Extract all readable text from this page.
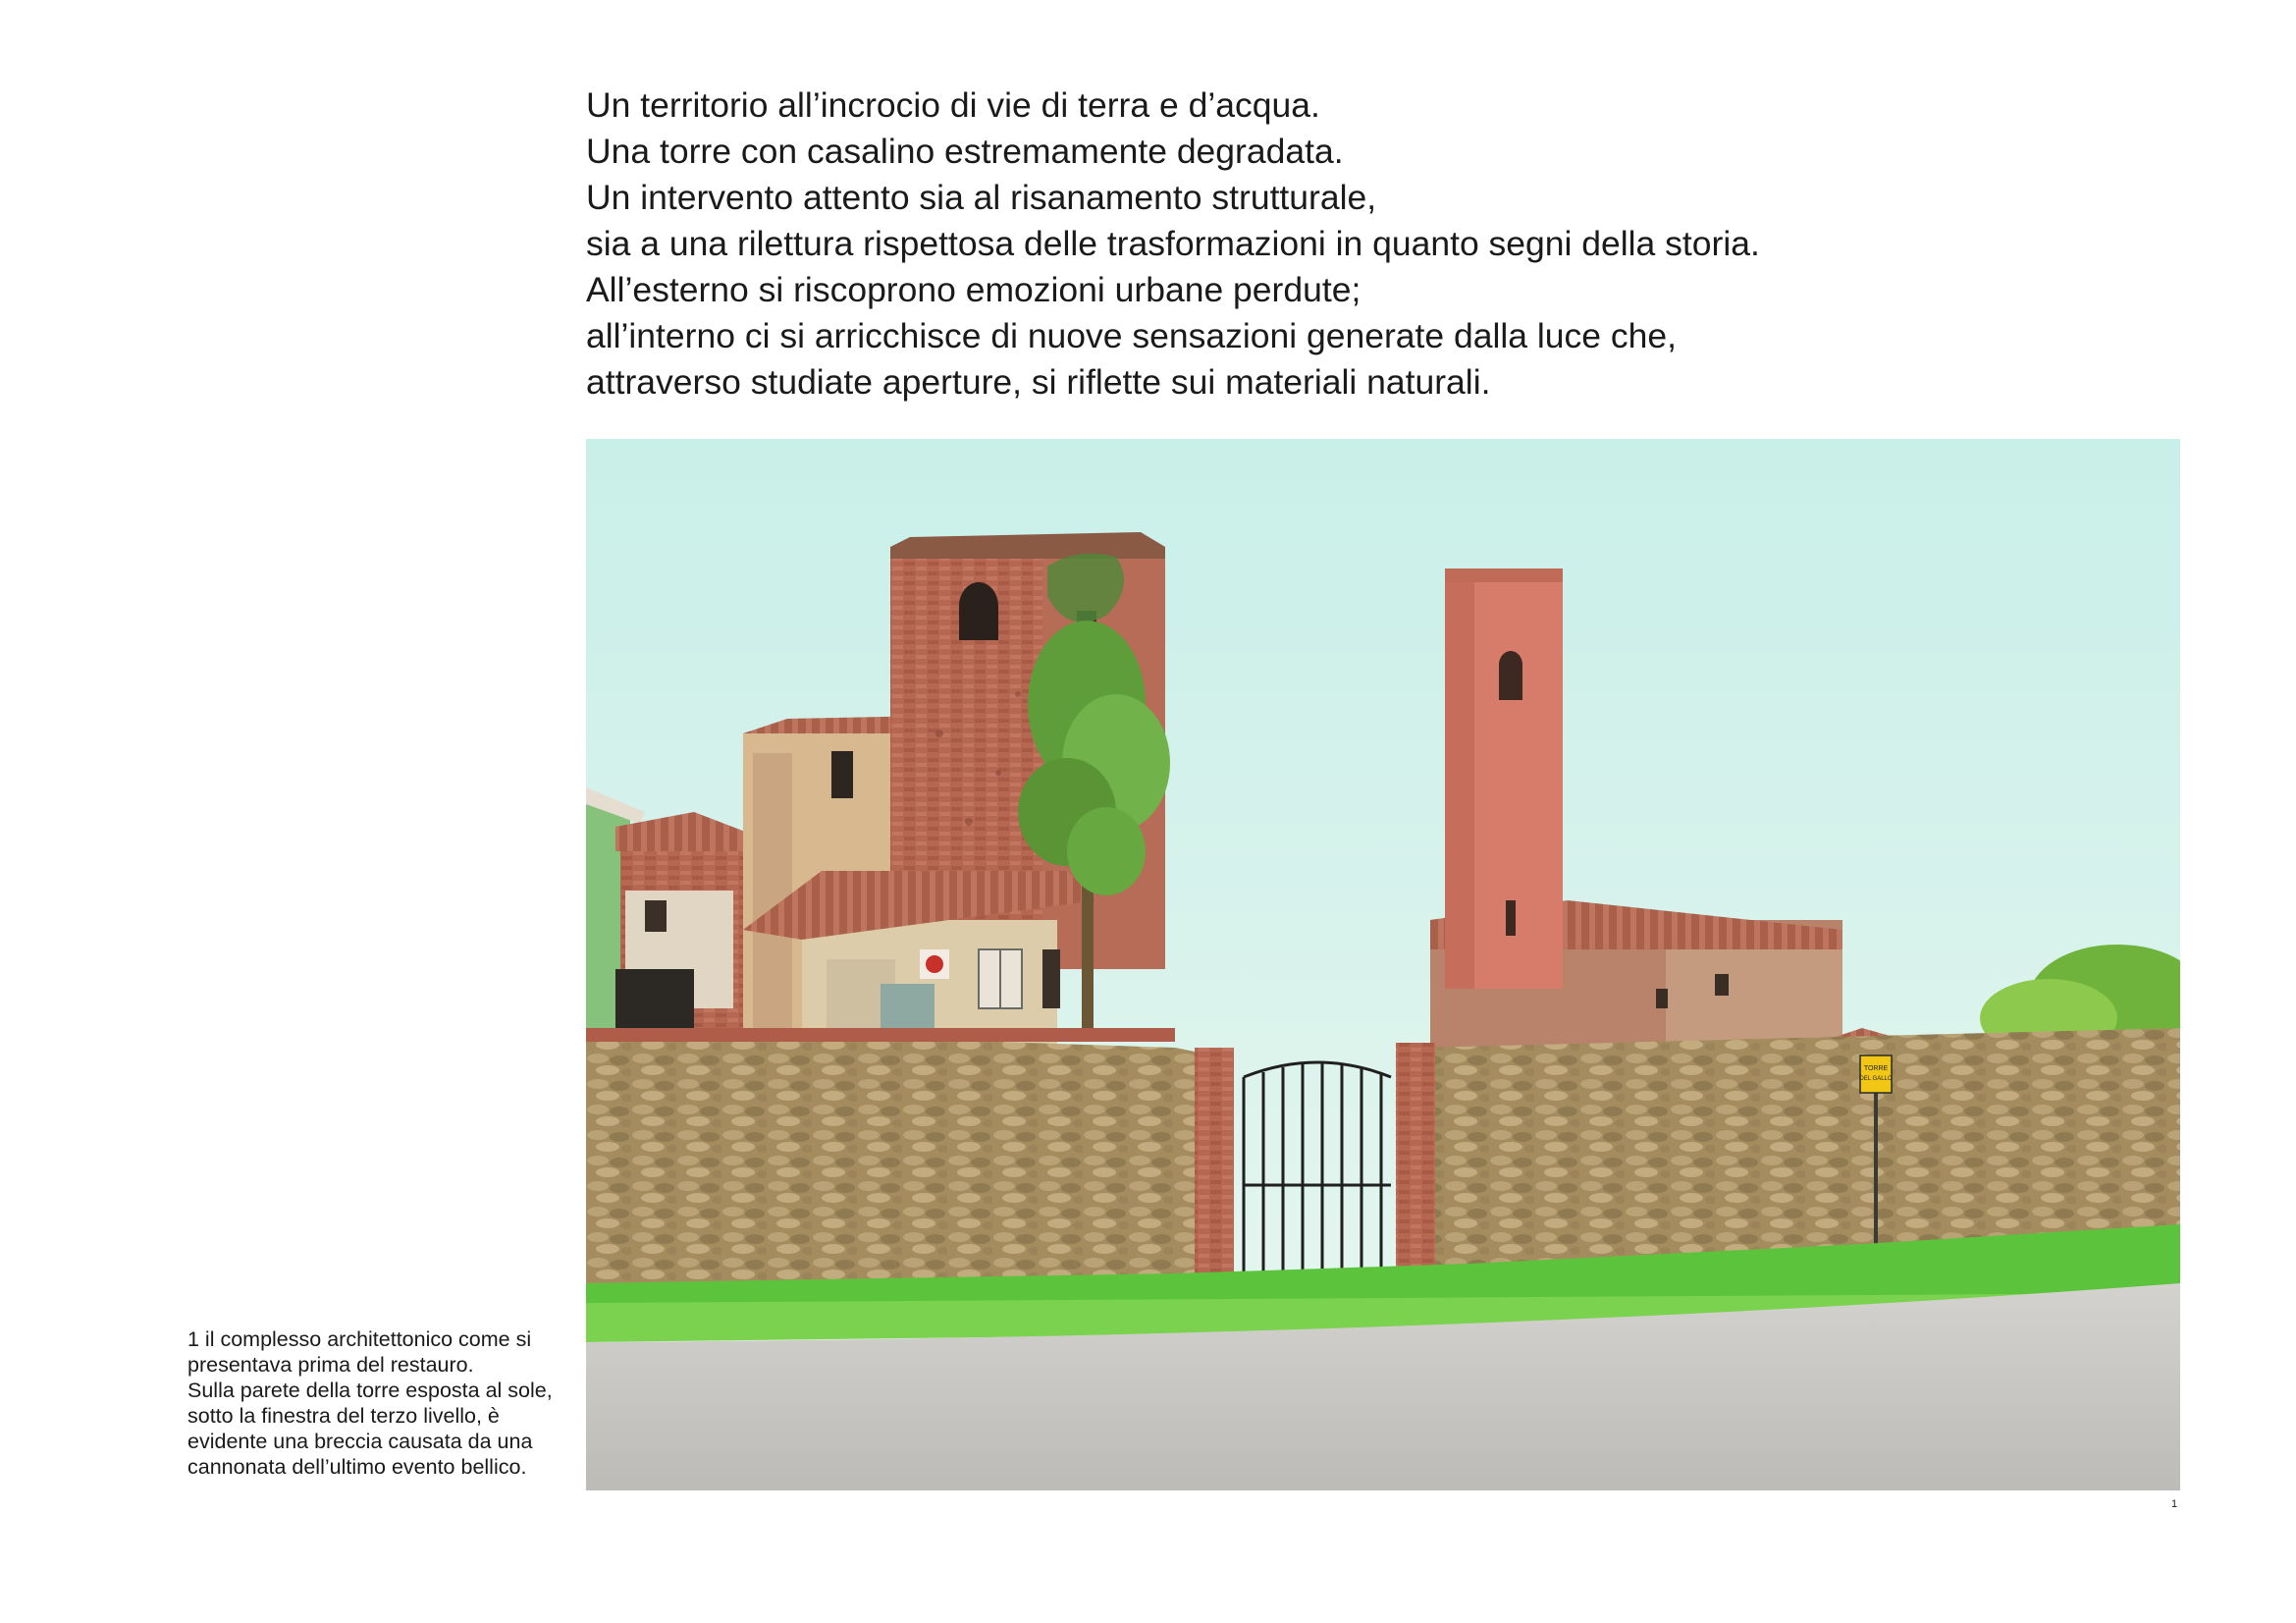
Un territorio all’incrocio di vie di terra e d’acqua.
Una torre con casalino estremamente degradata.
Un intervento attento sia al risanamento strutturale,
sia a una rilettura rispettosa delle trasformazioni in quanto segni della storia.
All’esterno si riscoprono emozioni urbane perdute;
all’interno ci si arricchisce di nuove sensazioni generate dalla luce che,
attraverso studiate aperture, si riflette sui materiali naturali.
TORRE
DEL GALLO
1 il complesso architettonico come si
presentava prima del restauro.
Sulla parete della torre esposta al sole,
sotto la finestra del terzo livello, è
evidente una breccia causata da una
cannonata dell’ultimo evento bellico.
1
